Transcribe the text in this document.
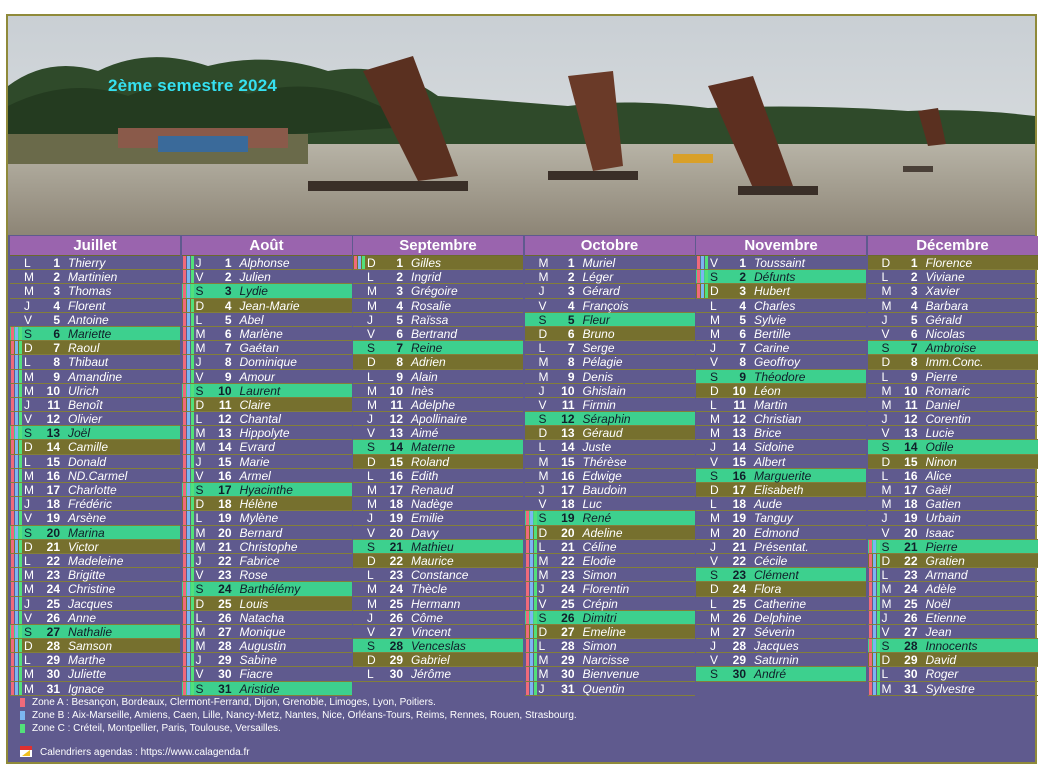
2ème semestre 2024
Juillet
L	1 Thierry
M	2 Martinien
M	3 Thomas
J	4 Florent
V	5 Antoine
S	6 Mariette
D	7 Raoul
L	8 Thibaut
M	9 Amandine
M	10 Ulrich
J	11 Benoît
V	12 Olivier
S	13 Joël
D	14 Camille
L	15 Donald
M	16 ND.Carmel
M	17 Charlotte
J	18 Frédéric
V	19 Arsène
S	20 Marina
D	21 Victor
L	22 Madeleine
M	23 Brigitte
M	24 Christine
J	25 Jacques
V	26 Anne
S	27 Nathalie
D	28 Samson
L	29 Marthe
M	30 Juliette
M	31 Ignace
Août
J	1 Alphonse
V	2 Julien
S	3 Lydie
D	4 Jean-Marie
L	5 Abel
M	6 Marlène
M	7 Gaétan
J	8 Dominique
V	9 Amour
S	10 Laurent
D	11 Claire
L	12 Chantal
M	13 Hippolyte
M	14 Evrard
J	15 Marie
V	16 Armel
S	17 Hyacinthe
D	18 Hélène
L	19 Mylène
M	20 Bernard
M	21 Christophe
J	22 Fabrice
V	23 Rose
S	24 Barthélémy
D	25 Louis
L	26 Natacha
M	27 Monique
M	28 Augustin
J	29 Sabine
V	30 Fiacre
S	31 Aristide
Septembre
D	1 Gilles
L	2 Ingrid
M	3 Grégoire
M	4 Rosalie
J	5 Raïssa
V	6 Bertrand
S	7 Reine
D	8 Adrien
L	9 Alain
M	10 Inès
M	11 Adelphe
J	12 Apollinaire
V	13 Aimé
S	14 Materne
D	15 Roland
L	16 Edith
M	17 Renaud
M	18 Nadège
J	19 Emilie
V	20 Davy
S	21 Mathieu
D	22 Maurice
L	23 Constance
M	24 Thècle
M	25 Hermann
J	26 Côme
V	27 Vincent
S	28 Venceslas
D	29 Gabriel
L	30 Jérôme
Octobre
M	1 Muriel
M	2 Léger
J	3 Gérard
V	4 François
S	5 Fleur
D	6 Bruno
L	7 Serge
M	8 Pélagie
M	9 Denis
J	10 Ghislain
V	11 Firmin
S	12 Séraphin
D	13 Géraud
L	14 Juste
M	15 Thérèse
M	16 Edwige
J	17 Baudoin
V	18 Luc
S	19 René
D	20 Adeline
L	21 Céline
M	22 Elodie
M	23 Simon
J	24 Florentin
V	25 Crépin
S	26 Dimitri
D	27 Emeline
L	28 Simon
M	29 Narcisse
M	30 Bienvenue
J	31 Quentin
Novembre
V	1 Toussaint
S	2 Défunts
D	3 Hubert
L	4 Charles
M	5 Sylvie
M	6 Bertille
J	7 Carine
V	8 Geoffroy
S	9 Théodore
D	10 Léon
L	11 Martin
M	12 Christian
M	13 Brice
J	14 Sidoine
V	15 Albert
S	16 Marguerite
D	17 Elisabeth
L	18 Aude
M	19 Tanguy
M	20 Edmond
J	21 Présentat.
V	22 Cécile
S	23 Clément
D	24 Flora
L	25 Catherine
M	26 Delphine
M	27 Séverin
J	28 Jacques
V	29 Saturnin
S	30 André
Décembre
D	1 Florence
L	2 Viviane
M	3 Xavier
M	4 Barbara
J	5 Gérald
V	6 Nicolas
S	7 Ambroise
D	8 Imm.Conc.
L	9 Pierre
M	10 Romaric
M	11 Daniel
J	12 Corentin
V	13 Lucie
S	14 Odile
D	15 Ninon
L	16 Alice
M	17 Gaël
M	18 Gatien
J	19 Urbain
V	20 Isaac
S	21 Pierre
D	22 Gratien
L	23 Armand
M	24 Adèle
M	25 Noël
J	26 Etienne
V	27 Jean
S	28 Innocents
D	29 David
L	30 Roger
M	31 Sylvestre
Zone A : Besançon, Bordeaux, Clermont-Ferrand, Dijon, Grenoble, Limoges, Lyon, Poitiers.
Zone B : Aix-Marseille, Amiens, Caen, Lille, Nancy-Metz, Nantes, Nice, Orléans-Tours, Reims, Rennes, Rouen, Strasbourg.
Zone C : Créteil, Montpellier, Paris, Toulouse, Versailles.
Calendriers agendas : https://www.calagenda.fr
